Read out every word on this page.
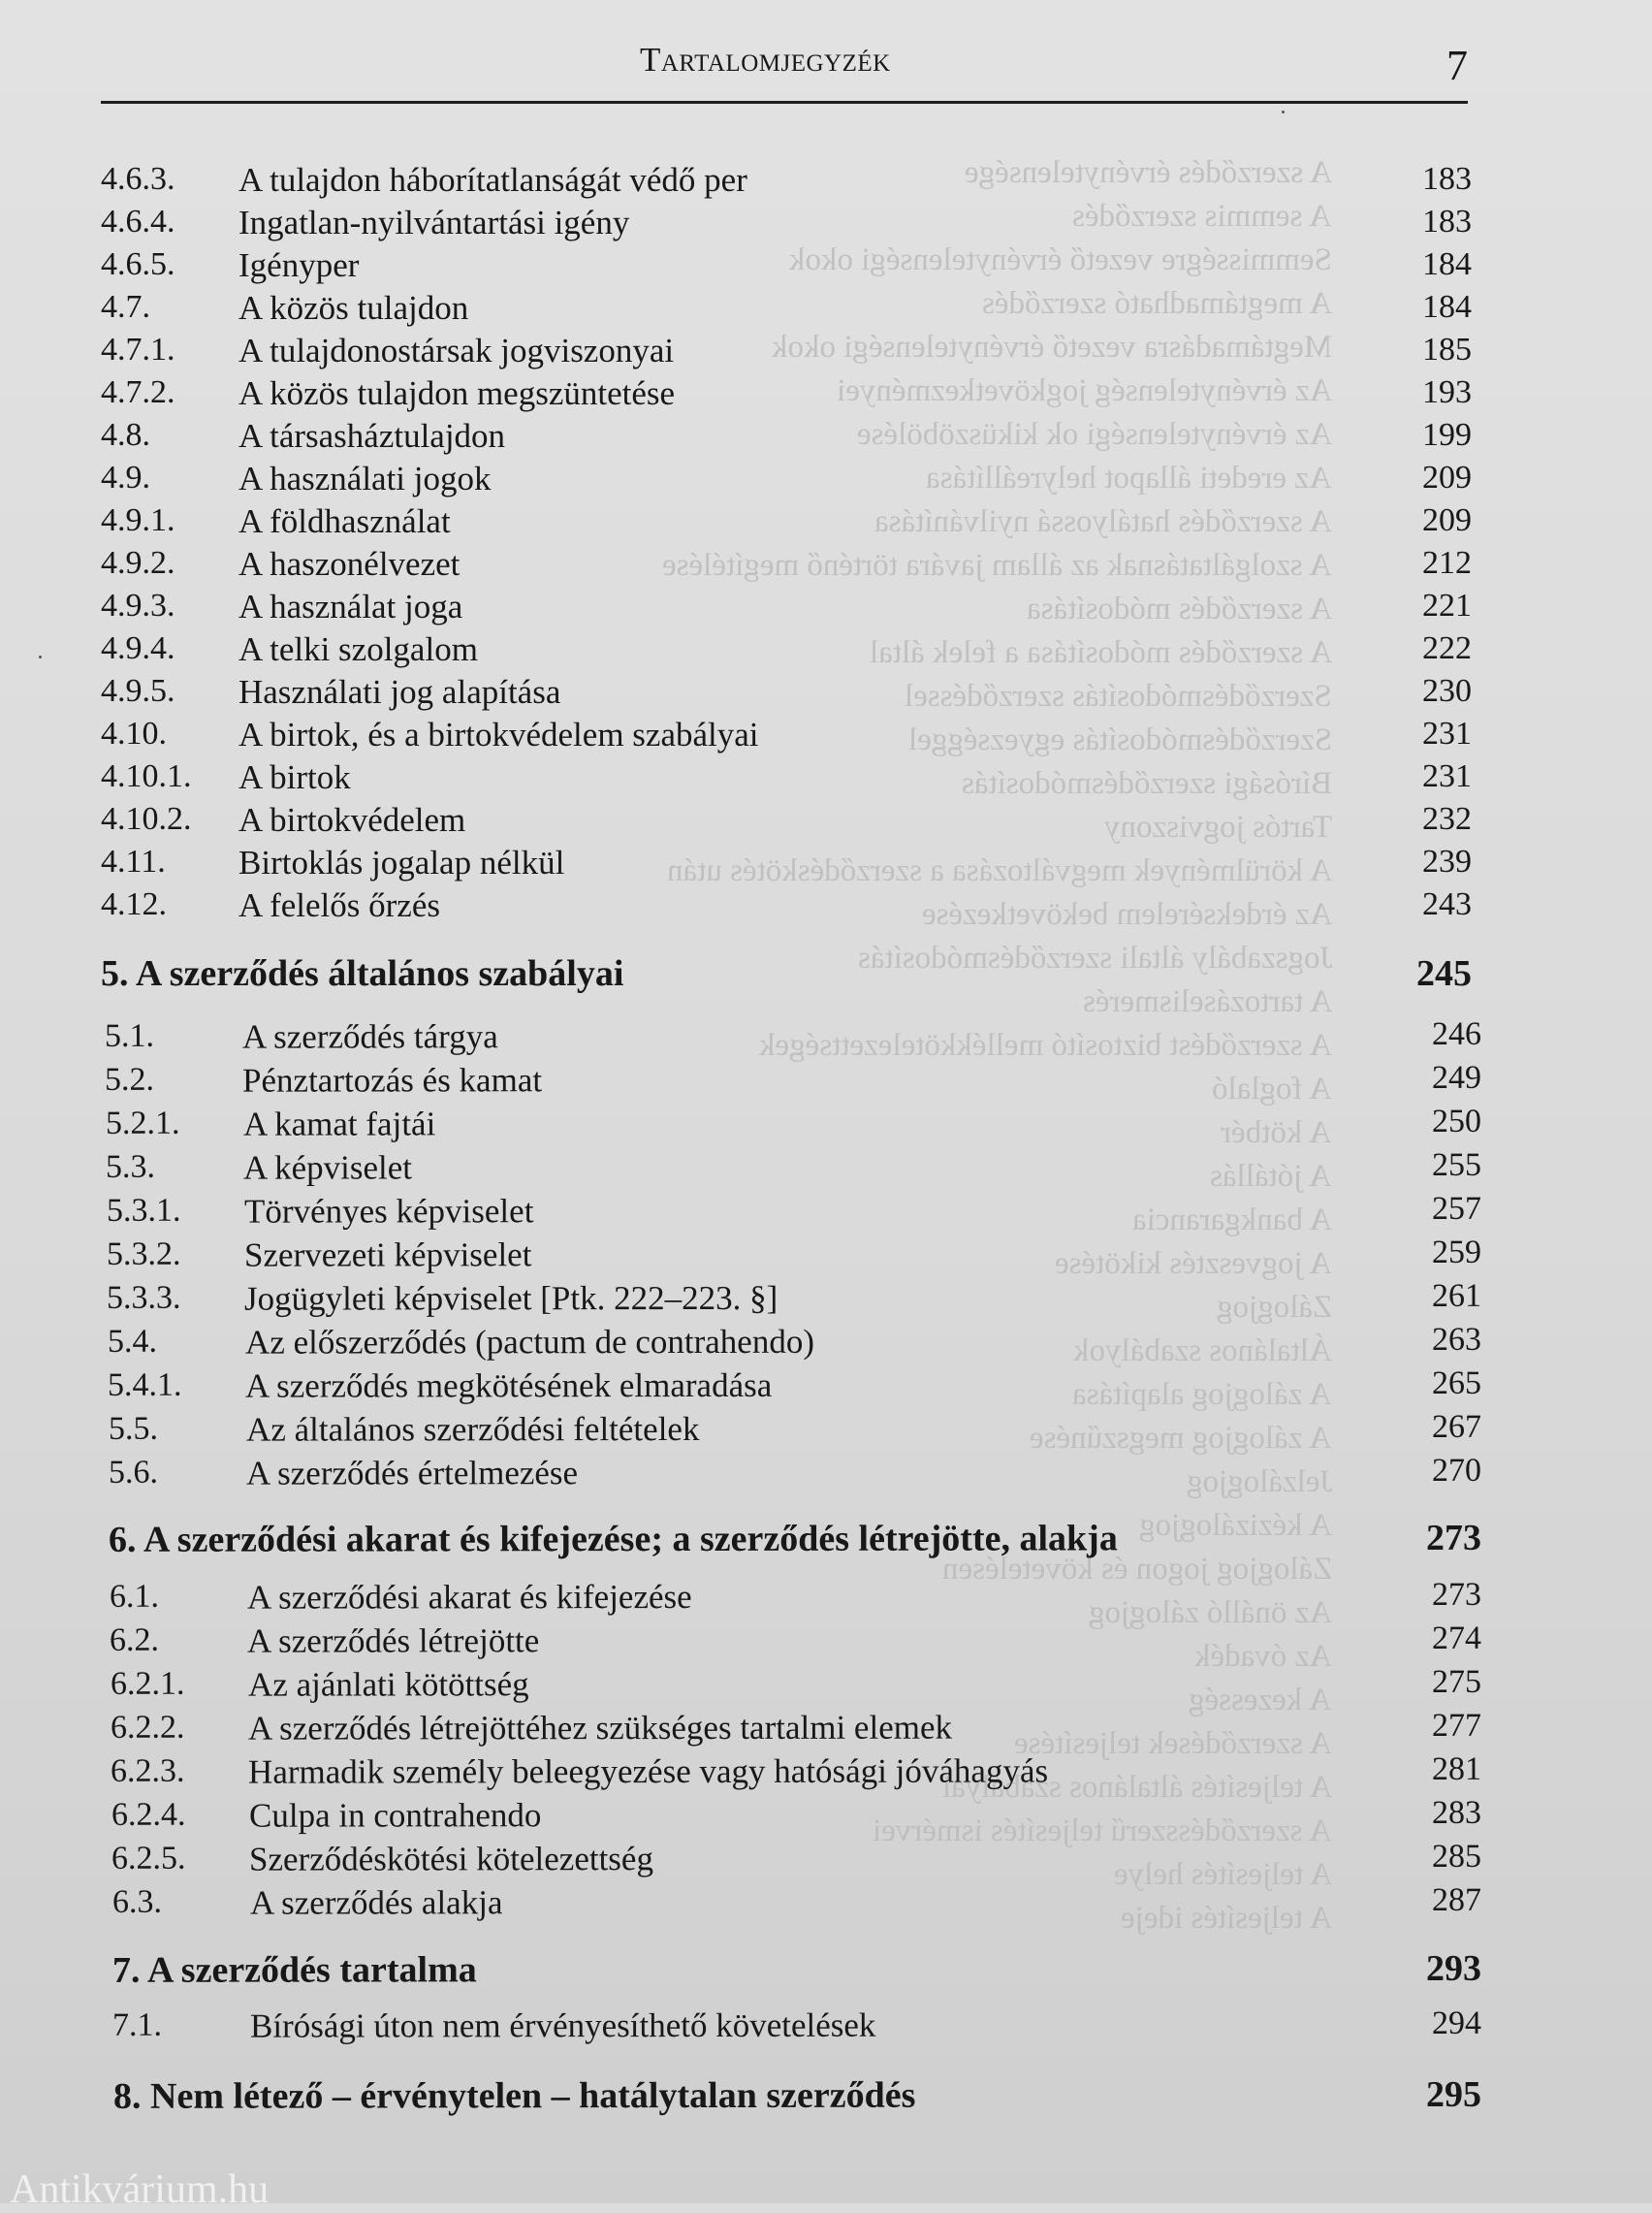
A szerződés érvénytelensége
A semmis szerződés
Semmisségre vezető érvénytelenségi okok
A megtámadható szerződés
Megtámadásra vezető érvénytelenségi okok
Az érvénytelenség jogkövetkezményei
Az érvénytelenségi ok kiküszöbölése
Az eredeti állapot helyreállítása
A szerződés hatályossá nyilvánítása
A szolgáltatásnak az állam javára történő megítélése
A szerződés módosítása
A szerződés módosítása a felek által
Szerződésmódosítás szerződéssel
Szerződésmódosítás egyezséggel
Bírósági szerződésmódosítás
Tartós jogviszony
A körülmények megváltozása a szerződéskötés után
Az érdeksérelem bekövetkezése
Jogszabály általi szerződésmódosítás
A tartozáselismerés
A szerződést biztosító mellékkötelezettségek
A foglaló
A kötbér
A jótállás
A bankgarancia
A jogvesztés kikötése
Zálogjog
Általános szabályok
A zálogjog alapítása
A zálogjog megszűnése
Jelzálogjog
A kézizálogjog
Zálogjog jogon és követelésen
Az önálló zálogjog
Az óvadék
A kezesség
A szerződések teljesítése
A teljesítés általános szabályai
A szerződésszerű teljesítés ismérvei
A teljesítés helye
A teljesítés ideje
Antikvárium.hu
Tartalomjegyzék	7
4.6.3. A tulajdon háborítatlanságát védő per	183
4.6.4. Ingatlan-nyilvántartási igény	183
4.6.5. Igényper	184
4.7.	A közös tulajdon	184
4.7.1. A tulajdonostársak jogviszonyai	185
4.7.2. A közös tulajdon megszüntetése	193
4.8.	A társasháztulajdon	199
4.9.	A használati jogok	209
4.9.1. A földhasználat	209
4.9.2. A haszonélvezet	212
4.9.3. A használat joga	221
4.9.4. A telki szolgalom	222
4.9.5. Használati jog alapítása	230
4.10. A birtok, és a birtokvédelem szabályai	231
4.10.1. A birtok	231
4.10.2. A birtokvédelem	232
4.11. Birtoklás jogalap nélkül	239
4.12. A felelős őrzés	243
5. A szerződés általános szabályai	245
5.1.	A szerződés tárgya	246
5.2.	Pénztartozás és kamat	249
5.2.1. A kamat fajtái	250
5.3.	A képviselet	255
5.3.1. Törvényes képviselet	257
5.3.2. Szervezeti képviselet	259
5.3.3. Jogügyleti képviselet [Ptk. 222–223. §]	261
5.4.	Az előszerződés (pactum de contrahendo)	263
5.4.1. A szerződés megkötésének elmaradása	265
5.5.	Az általános szerződési feltételek	267
5.6.	A szerződés értelmezése	270
6. A szerződési akarat és kifejezése; a szerződés létrejötte, alakja	273
6.1.	A szerződési akarat és kifejezése	273
6.2.	A szerződés létrejötte	274
6.2.1. Az ajánlati kötöttség	275
6.2.2. A szerződés létrejöttéhez szükséges tartalmi elemek	277
6.2.3. Harmadik személy beleegyezése vagy hatósági jóváhagyás	281
6.2.4. Culpa in contrahendo	283
6.2.5. Szerződéskötési kötelezettség	285
6.3.	A szerződés alakja	287
7. A szerződés tartalma	293
7.1.	Bírósági úton nem érvényesíthető követelések	294
8. Nem létező – érvénytelen – hatálytalan szerződés	295
